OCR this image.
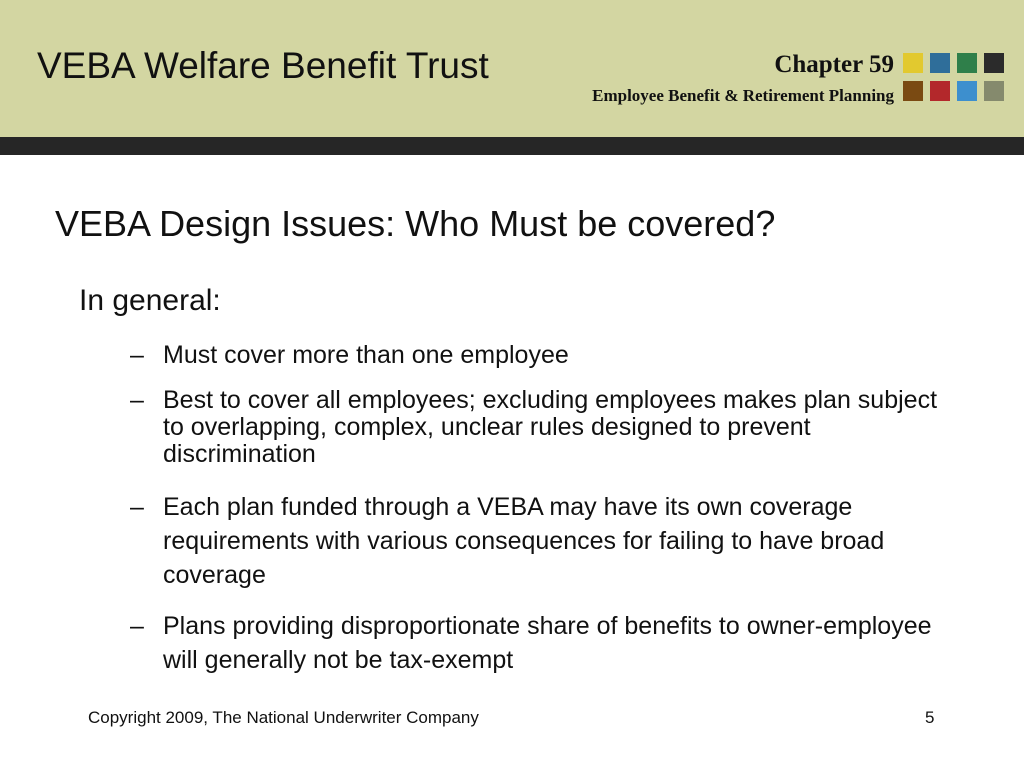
VEBA Welfare Benefit Trust	Chapter 59
Employee Benefit & Retirement Planning
VEBA Design Issues: Who Must be covered?
In general:
– Must cover more than one employee
– Best to cover all employees; excluding employees makes plan subject to overlapping, complex, unclear rules designed to prevent discrimination
– Each plan funded through a VEBA may have its own coverage requirements with various consequences for failing to have broad coverage
– Plans providing disproportionate share of benefits to owner-employee will generally not be tax-exempt
Copyright 2009, The National Underwriter Company	5
